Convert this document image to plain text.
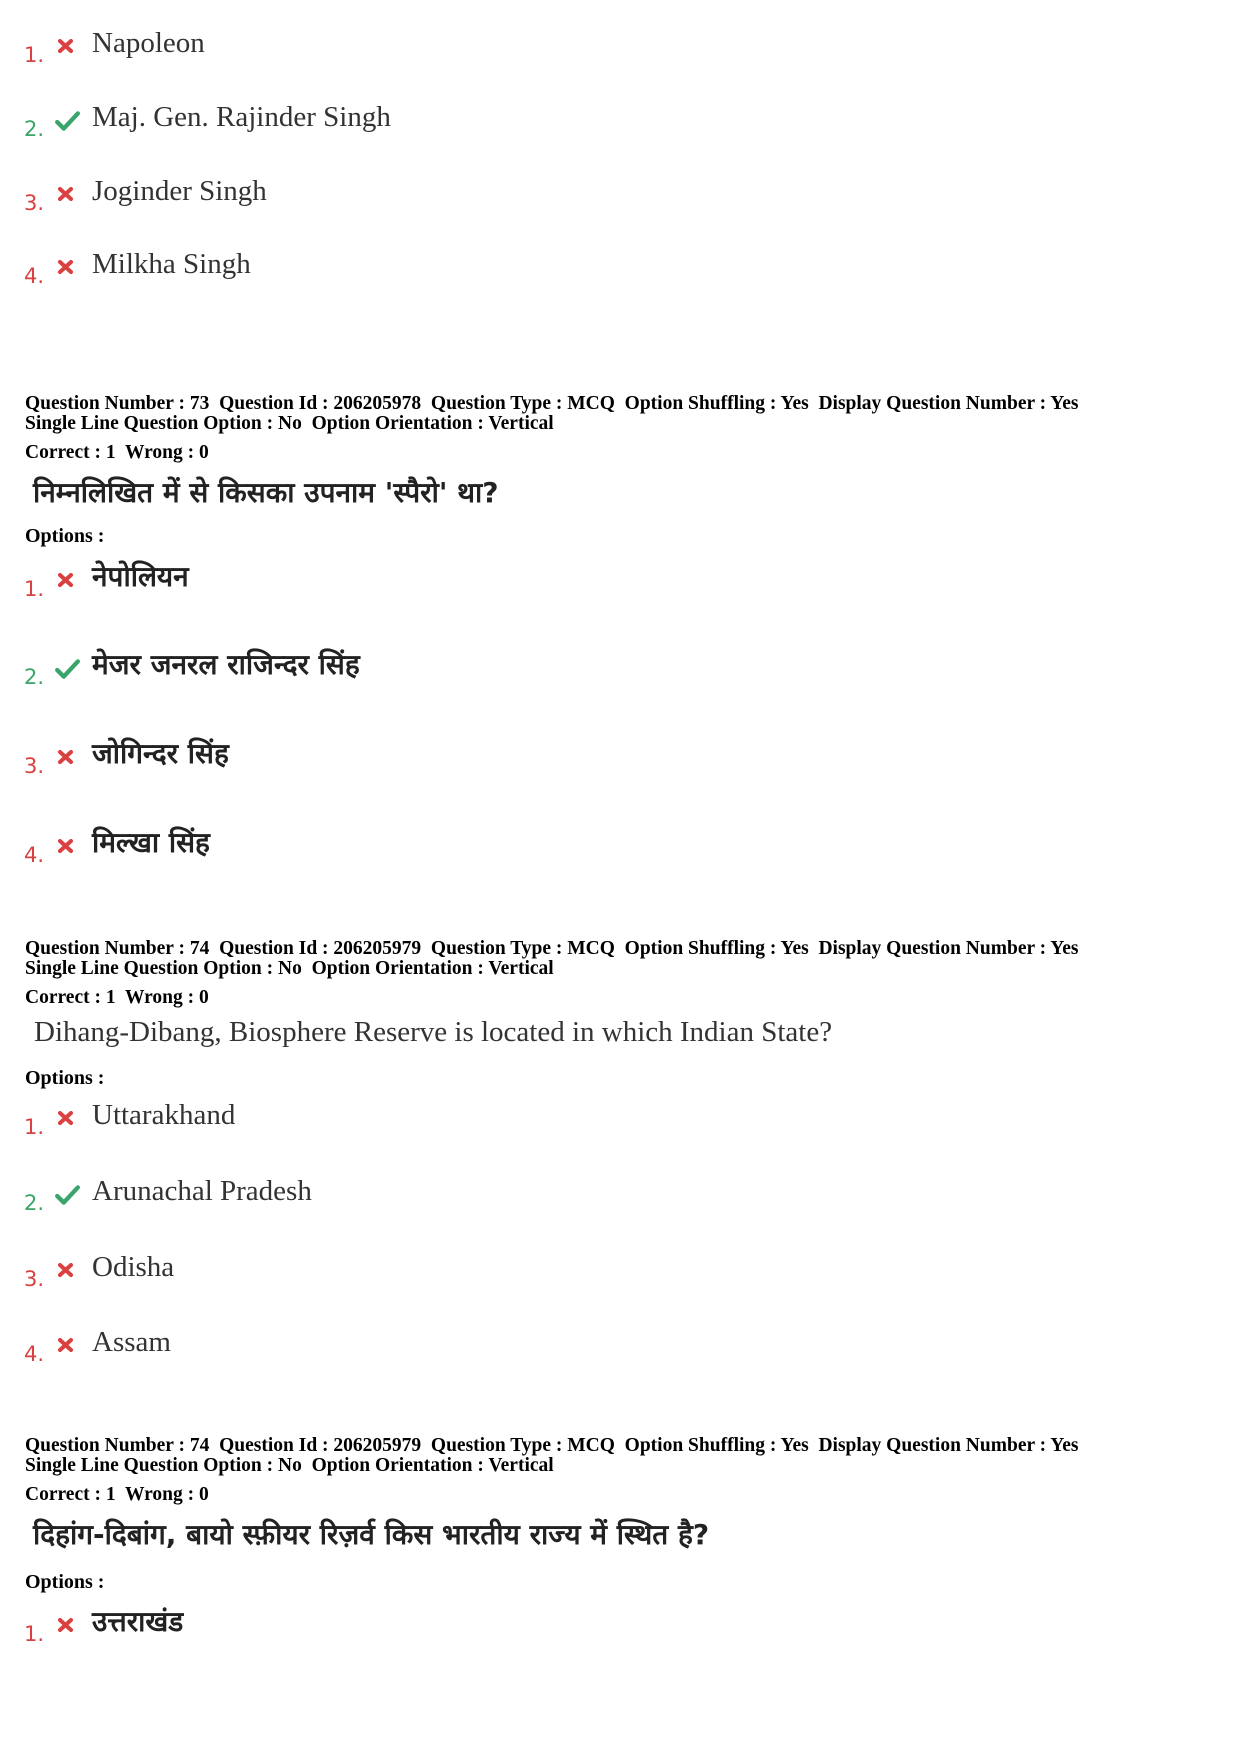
1. Napoleon
2. Maj. Gen. Rajinder Singh
3. Joginder Singh
4. Milkha Singh
Question Number : 73  Question Id : 206205978  Question Type : MCQ  Option Shuffling : Yes  Display Question Number : Yes
Single Line Question Option : No  Option Orientation : Vertical
Correct : 1  Wrong : 0
निम्नलिखित में से किसका उपनाम 'स्पैरो' था?
Options :
1. नेपोलियन
2. मेजर जनरल राजिन्दर सिंह
3. जोगिन्दर सिंह
4. मिल्खा सिंह
Question Number : 74  Question Id : 206205979  Question Type : MCQ  Option Shuffling : Yes  Display Question Number : Yes
Single Line Question Option : No  Option Orientation : Vertical
Correct : 1  Wrong : 0
Dihang-Dibang, Biosphere Reserve is located in which Indian State?
Options :
1. Uttarakhand
2. Arunachal Pradesh
3. Odisha
4. Assam
Question Number : 74  Question Id : 206205979  Question Type : MCQ  Option Shuffling : Yes  Display Question Number : Yes
Single Line Question Option : No  Option Orientation : Vertical
Correct : 1  Wrong : 0
दिहांग-दिबांग, बायो स्फ़ीयर रिज़र्व किस भारतीय राज्य में स्थित है?
Options :
1. उत्तराखंड
